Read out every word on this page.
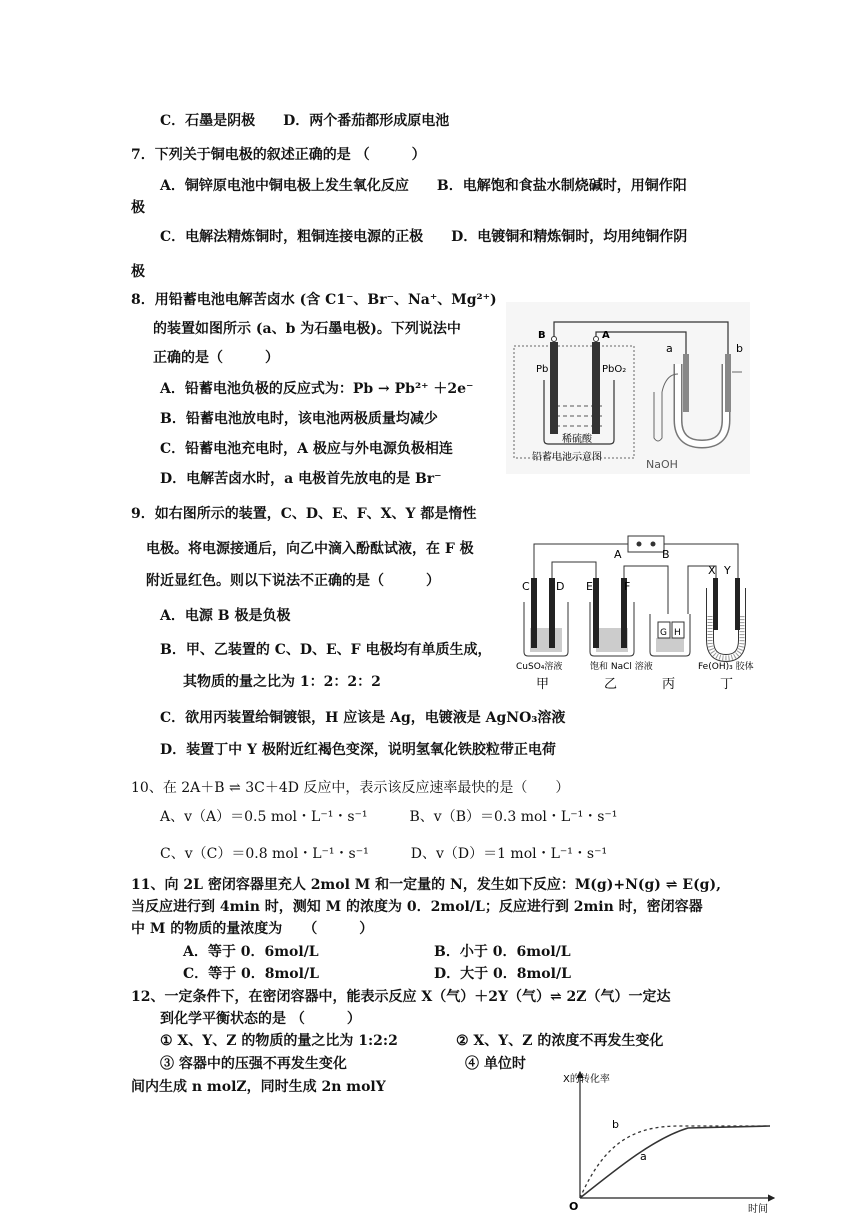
C．石墨是阴极　　D．两个番茄都形成原电池
7．下列关于铜电极的叙述正确的是 （　　　）
A．铜锌原电池中铜电极上发生氧化反应　　B．电解饱和食盐水制烧碱时，用铜作阳
极
C．电解法精炼铜时，粗铜连接电源的正极　　D．电镀铜和精炼铜时，均用纯铜作阴
极
8．用铅蓄电池电解苦卤水 (含 C1⁻、Br⁻、Na⁺、Mg²⁺)
的装置如图所示 (a、b 为石墨电极)。下列说法中
正确的是（　　　）
A．铅蓄电池负极的反应式为：Pb → Pb²⁺ ＋2e⁻
B．铅蓄电池放电时，该电池两极质量均减少
C．铅蓄电池充电时，A 极应与外电源负极相连
D．电解苦卤水时，a 电极首先放电的是 Br⁻
9．如右图所示的装置，C、D、E、F、X、Y 都是惰性
电极。将电源接通后，向乙中滴入酚酞试液，在 F 极
附近显红色。则以下说法不正确的是（　　　）
A．电源 B 极是负极
B．甲、乙装置的 C、D、E、F 电极均有单质生成，
其物质的量之比为 1：2：2：2
C．欲用丙装置给铜镀银，H 应该是 Ag，电镀液是 AgNO₃溶液
D．装置丁中 Y 极附近红褐色变深，说明氢氧化铁胶粒带正电荷
10、在 2A＋B ⇌ 3C＋4D 反应中，表示该反应速率最快的是（　　）
A、v（A）＝0.5 mol・L⁻¹・s⁻¹　　　B、v（B）＝0.3 mol・L⁻¹・s⁻¹
C、v（C）＝0.8 mol・L⁻¹・s⁻¹　　　D、v（D）＝1 mol・L⁻¹・s⁻¹
11、向 2L 密闭容器里充人 2mol M 和一定量的 N，发生如下反应：M(g)+N(g) ⇌ E(g),
当反应进行到 4min 时，测知 M 的浓度为 0．2mol/L；反应进行到 2min 时，密闭容器
中 M 的物质的量浓度为　　（　　　）
A．等于 0．6mol/L	B．小于 0．6mol/L
C．等于 0．8mol/L	D．大于 0．8mol/L
12、一定条件下，在密闭容器中，能表示反应 X（气）＋2Y（气）⇌ 2Z（气）一定达
到化学平衡状态的是 （　　　）
① X、Y、Z 的物质的量之比为 1:2:2	② X、Y、Z 的浓度不再发生变化
③ 容器中的压强不再发生变化	④ 单位时
间内生成 n molZ，同时生成 2n molY
B	A
Pb	PbO₂
稀硫酸
铅蓄电池示意图
a	b
NaOH
A	B
C D E	F
G H
X Y
CuSO₄溶液	饱和 NaCl 溶液	Fe(OH)₃ 胶体
甲	乙	丙	丁
X的转化率
时间
O
b
a
